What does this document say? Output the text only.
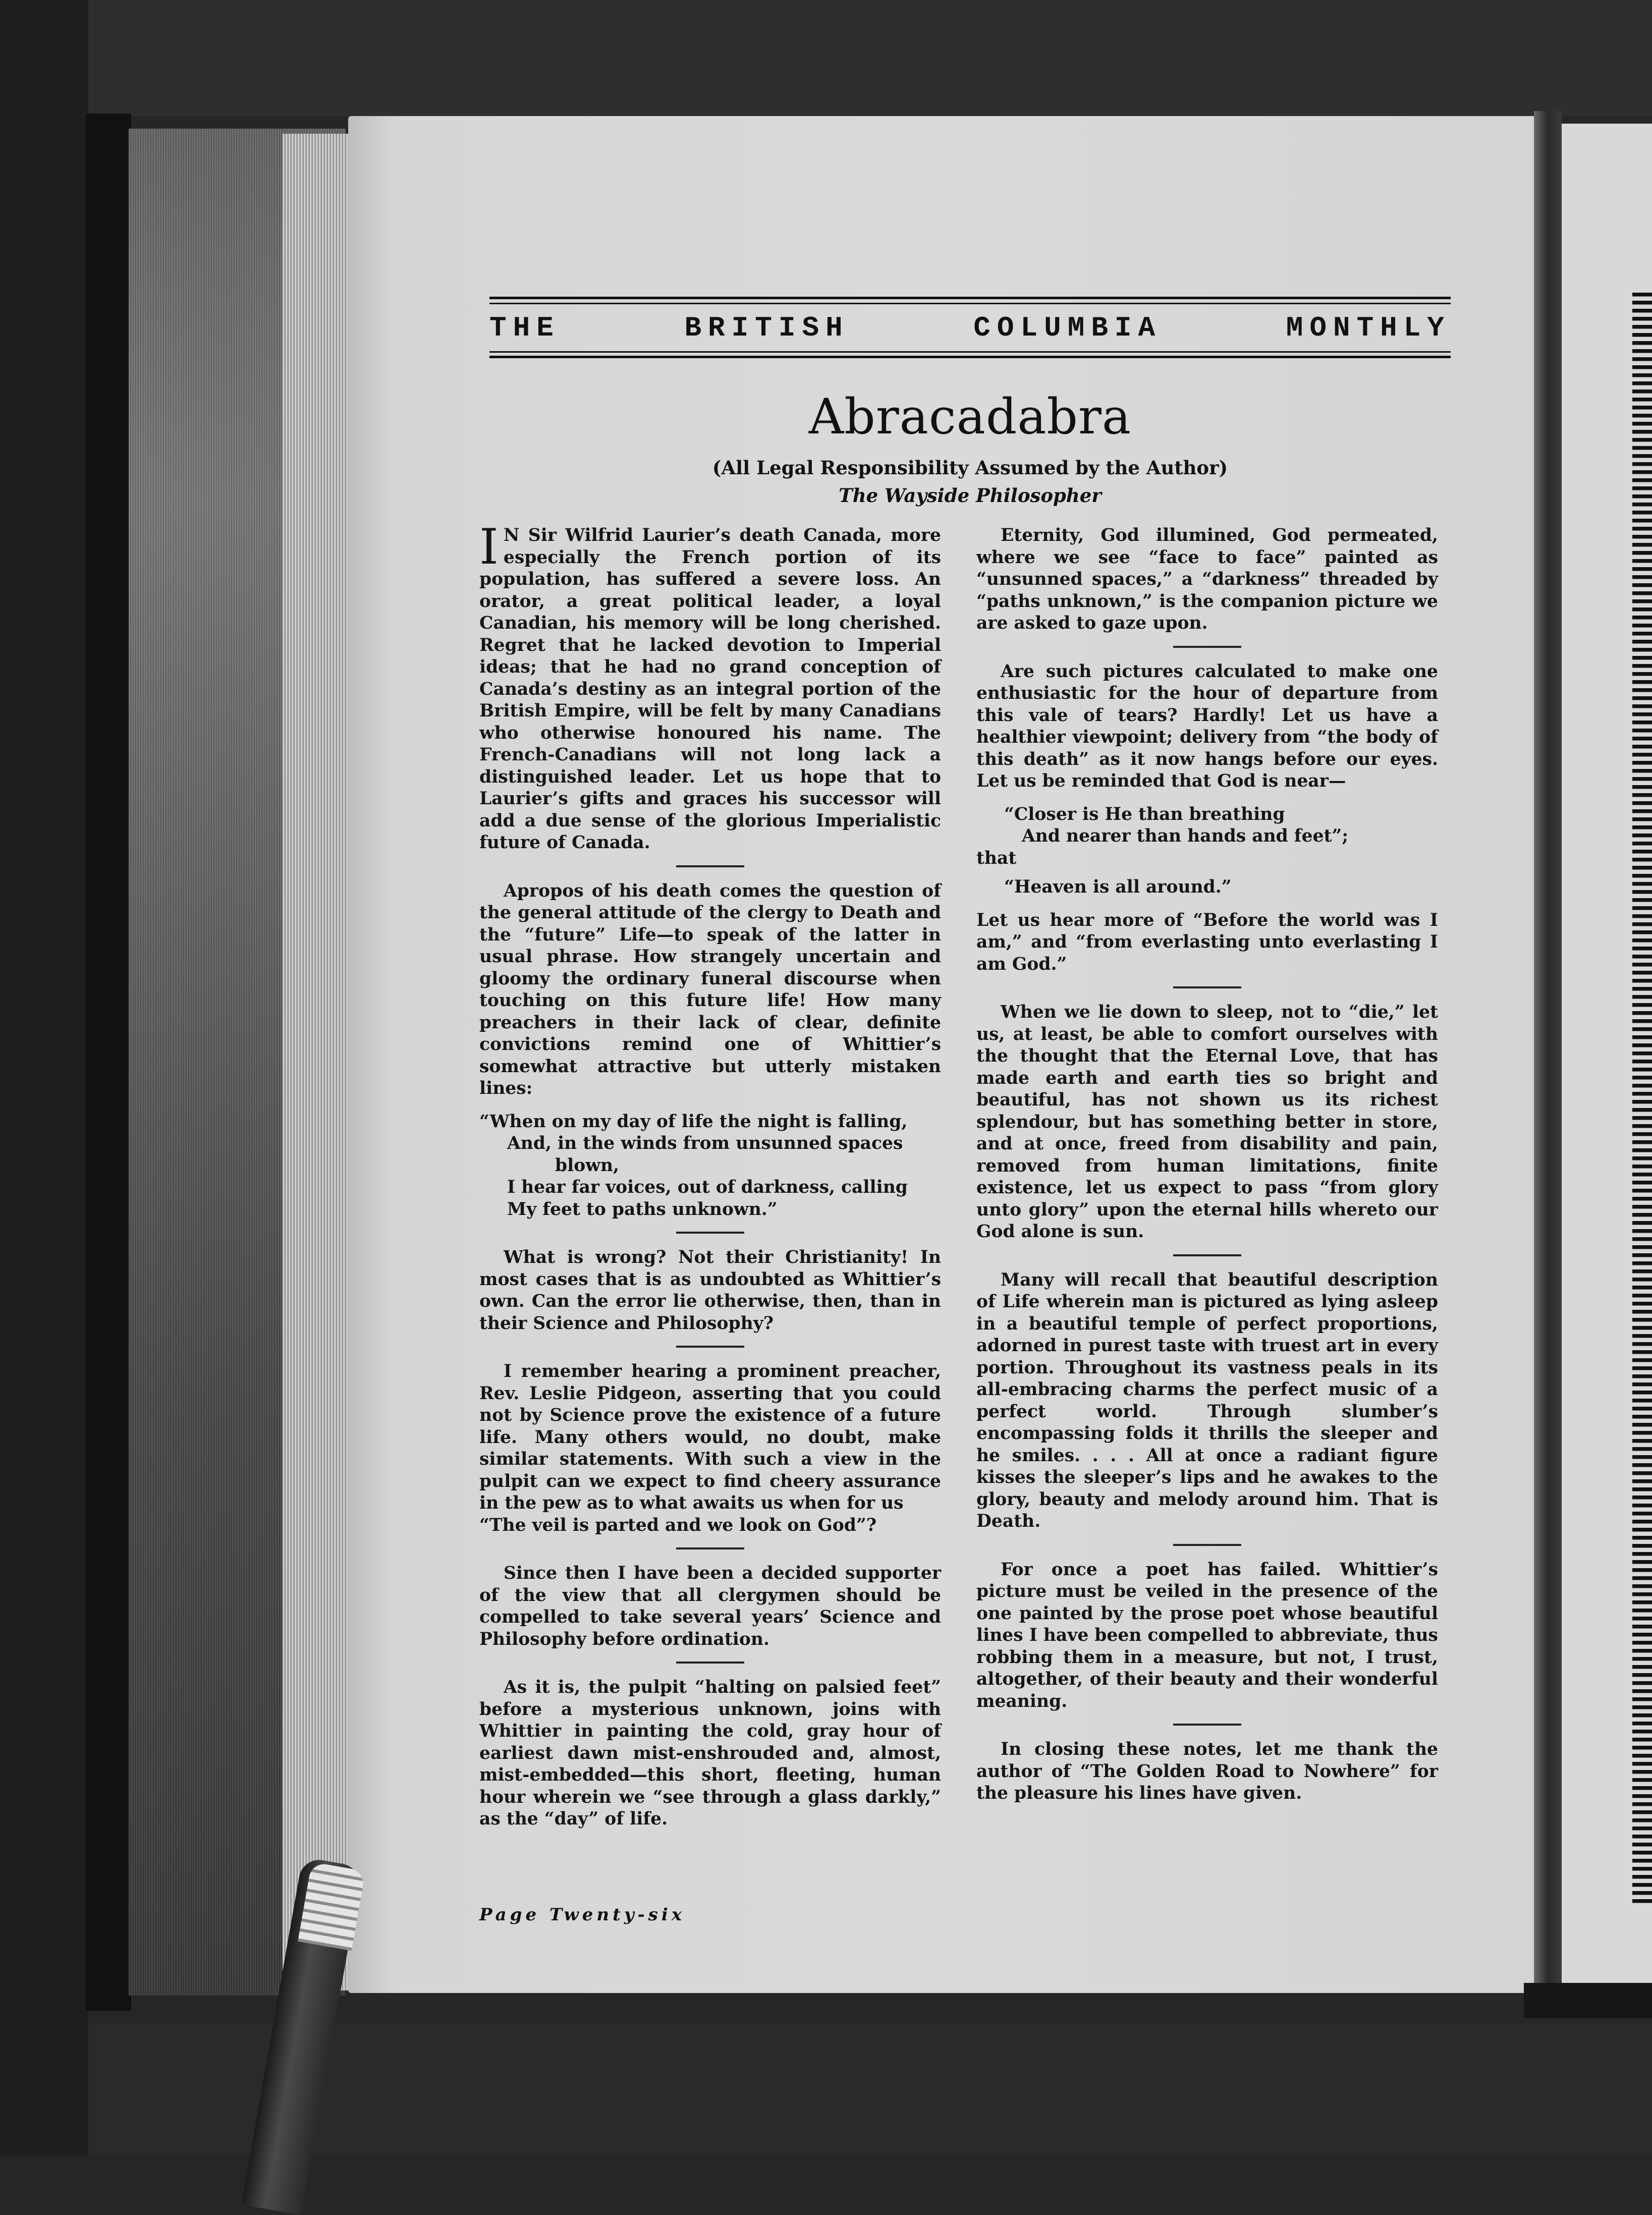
THE	BRITISH	COLUMBIA	MONTHLY
Abracadabra
(All Legal Responsibility Assumed by the Author)
The Wayside Philosopher

IN Sir Wilfrid Laurier’s death Canada, more especially the French portion of its population, has suffered a severe loss. An orator, a great political leader, a loyal Canadian, his memory will be long cherished. Regret that he lacked devotion to Imperial ideas; that he had no grand conception of Canada’s destiny as an integral portion of the British Empire, will be felt by many Canadians who otherwise honoured his name. The French-Canadians will not long lack a distinguished leader. Let us hope that to Laurier’s gifts and graces his successor will add a due sense of the glorious Imperialistic future of Canada.

Apropos of his death comes the question of the general attitude of the clergy to Death and the “future” Life—to speak of the latter in usual phrase. How strangely uncertain and gloomy the ordinary funeral discourse when touching on this future life! How many preachers in their lack of clear, definite convictions remind one of Whittier’s somewhat attractive but utterly mistaken lines:

“When on my day of life the night is falling,
And, in the winds from unsunned spaces
blown,
I hear far voices, out of darkness, calling
My feet to paths unknown.”

What is wrong? Not their Christianity! In most cases that is as undoubted as Whittier’s own. Can the error lie otherwise, then, than in their Science and Philosophy?

I remember hearing a prominent preacher, Rev. Leslie Pidgeon, asserting that you could not by Science prove the existence of a future life. Many others would, no doubt, make similar statements. With such a view in the pulpit can we expect to find cheery assurance in the pew as to what awaits us when for us

“The veil is parted and we look on God”?

Since then I have been a decided supporter of the view that all clergymen should be compelled to take several years’ Science and Philosophy before ordination.

As it is, the pulpit “halting on palsied feet” before a mysterious unknown, joins with Whittier in painting the cold, gray hour of earliest dawn mist-enshrouded and, almost, mist-embedded—this short, fleeting, human hour wherein we “see through a glass darkly,” as the “day” of life.

Eternity, God illumined, God permeated, where we see “face to face” painted as “unsunned spaces,” a “darkness” threaded by “paths unknown,” is the companion picture we are asked to gaze upon.

Are such pictures calculated to make one enthusiastic for the hour of departure from this vale of tears? Hardly! Let us have a healthier viewpoint; delivery from “the body of this death” as it now hangs before our eyes. Let us be reminded that God is near—

“Closer is He than breathing
And nearer than hands and feet”;
that
“Heaven is all around.”

Let us hear more of “Before the world was I am,” and “from everlasting unto everlasting I am God.”

When we lie down to sleep, not to “die,” let us, at least, be able to comfort ourselves with the thought that the Eternal Love, that has made earth and earth ties so bright and beautiful, has not shown us its richest splendour, but has something better in store, and at once, freed from disability and pain, removed from human limitations, finite existence, let us expect to pass “from glory unto glory” upon the eternal hills whereto our God alone is sun.

Many will recall that beautiful description of Life wherein man is pictured as lying asleep in a beautiful temple of perfect proportions, adorned in purest taste with truest art in every portion. Throughout its vastness peals in its all-embracing charms the perfect music of a perfect world. Through slumber’s encompassing folds it thrills the sleeper and he smiles. . . . All at once a radiant figure kisses the sleeper’s lips and he awakes to the glory, beauty and melody around him. That is Death.

For once a poet has failed. Whittier’s picture must be veiled in the presence of the one painted by the prose poet whose beautiful lines I have been compelled to abbreviate, thus robbing them in a measure, but not, I trust, altogether, of their beauty and their wonderful meaning.

In closing these notes, let me thank the author of “The Golden Road to Nowhere” for the pleasure his lines have given.

Page Twenty-six
